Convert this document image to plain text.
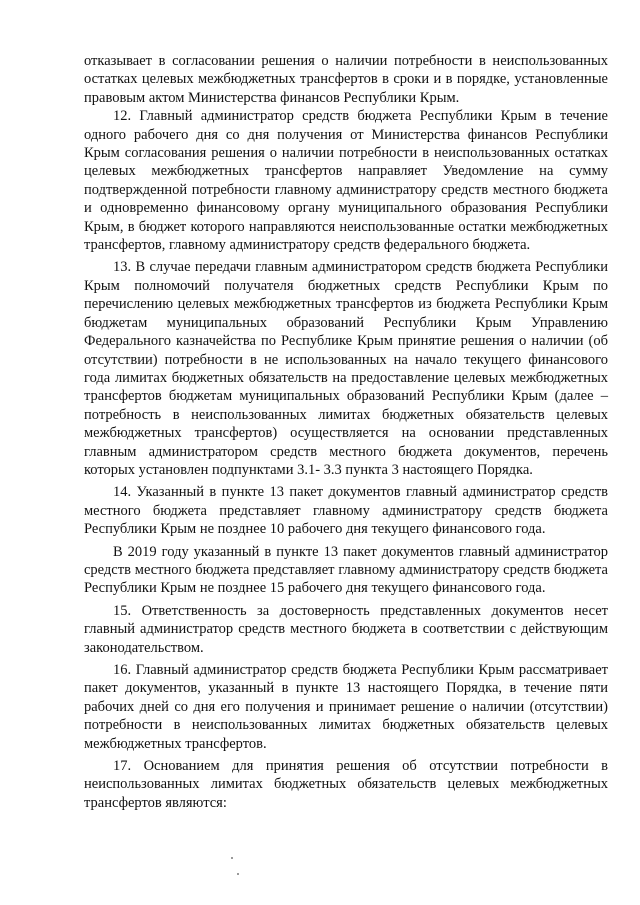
отказывает в согласовании решения о наличии потребности в неиспользованных остатках целевых межбюджетных трансфертов в сроки и в порядке, установленные правовым актом Министерства финансов Республики Крым.

12. Главный администратор средств бюджета Республики Крым в течение одного рабочего дня со дня получения от Министерства финансов Республики Крым согласования решения о наличии потребности в неиспользованных остатках целевых межбюджетных трансфертов направляет Уведомление на сумму подтвержденной потребности главному администратору средств местного бюджета и одновременно финансовому органу муниципального образования Республики Крым, в бюджет которого направляются неиспользованные остатки межбюджетных трансфертов, главному администратору средств федерального бюджета.

13. В случае передачи главным администратором средств бюджета Республики Крым полномочий получателя бюджетных средств Республики Крым по перечислению целевых межбюджетных трансфертов из бюджета Республики Крым бюджетам муниципальных образований Республики Крым Управлению Федерального казначейства по Республике Крым принятие решения о наличии (об отсутствии) потребности в не использованных на начало текущего финансового года лимитах бюджетных обязательств на предоставление целевых межбюджетных трансфертов бюджетам муниципальных образований Республики Крым (далее – потребность в неиспользованных лимитах бюджетных обязательств целевых межбюджетных трансфертов) осуществляется на основании представленных главным администратором средств местного бюджета документов, перечень которых установлен подпунктами 3.1- 3.3 пункта 3 настоящего Порядка.

14. Указанный в пункте 13 пакет документов главный администратор средств местного бюджета представляет главному администратору средств бюджета Республики Крым не позднее 10 рабочего дня текущего финансового года.

В 2019 году указанный в пункте 13 пакет документов главный администратор средств местного бюджета представляет главному администратору средств бюджета Республики Крым не позднее 15 рабочего дня текущего финансового года.

15. Ответственность за достоверность представленных документов несет главный администратор средств местного бюджета в соответствии с действующим законодательством.

16. Главный администратор средств бюджета Республики Крым рассматривает пакет документов, указанный в пункте 13 настоящего Порядка, в течение пяти рабочих дней со дня его получения и принимает решение о наличии (отсутствии) потребности в неиспользованных лимитах бюджетных обязательств целевых межбюджетных трансфертов.

17. Основанием для принятия решения об отсутствии потребности в неиспользованных лимитах бюджетных обязательств целевых межбюджетных трансфертов являются:
